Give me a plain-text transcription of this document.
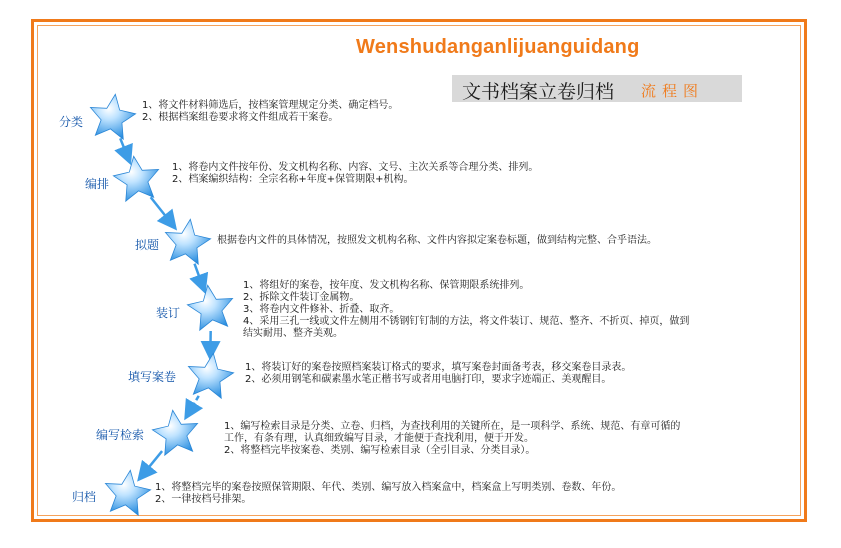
Wenshudanganlijuanguidang
文书档案立卷归档 流程图
分类
1、将文件材料筛选后，按档案管理规定分类、确定档号。
2、根据档案组卷要求将文件组成若干案卷。
编排
1、将卷内文件按年份、发文机构名称、内容、文号、主次关系等合理分类、排列。
2、档案编织结构：全宗名称+年度+保管期限+机构。
拟题	根据卷内文件的具体情况，按照发文机构名称、文件内容拟定案卷标题，做到结构完整、合乎语法。
装订
1、将组好的案卷，按年度、发文机构名称、保管期限系统排列。
2、拆除文件装订金属物。
3、将卷内文件修补、折叠、取齐。
4、采用三孔一线或文件左侧用不锈钢钉钉制的方法，将文件装订、规范、整齐、不折页、掉页，做到
结实耐用、整齐美观。
填写案卷
1、将装订好的案卷按照档案装订格式的要求，填写案卷封面备考表，移交案卷目录表。
2、必须用钢笔和碳素墨水笔正楷书写或者用电脑打印，要求字迹端正、美观醒目。
编写检索
1、编写检索目录是分类、立卷、归档，为查找利用的关键所在，是一项科学、系统、规范、有章可循的
工作，有条有理，认真细致编写目录，才能便于查找利用，便于开发。
2、将整档完毕按案卷、类别、编写检索目录（全引目录、分类目录）。
归档
1、将整档完毕的案卷按照保管期限、年代、类别、编写放入档案盒中，档案盒上写明类别、卷数、年份。
2、一律按档号排架。
